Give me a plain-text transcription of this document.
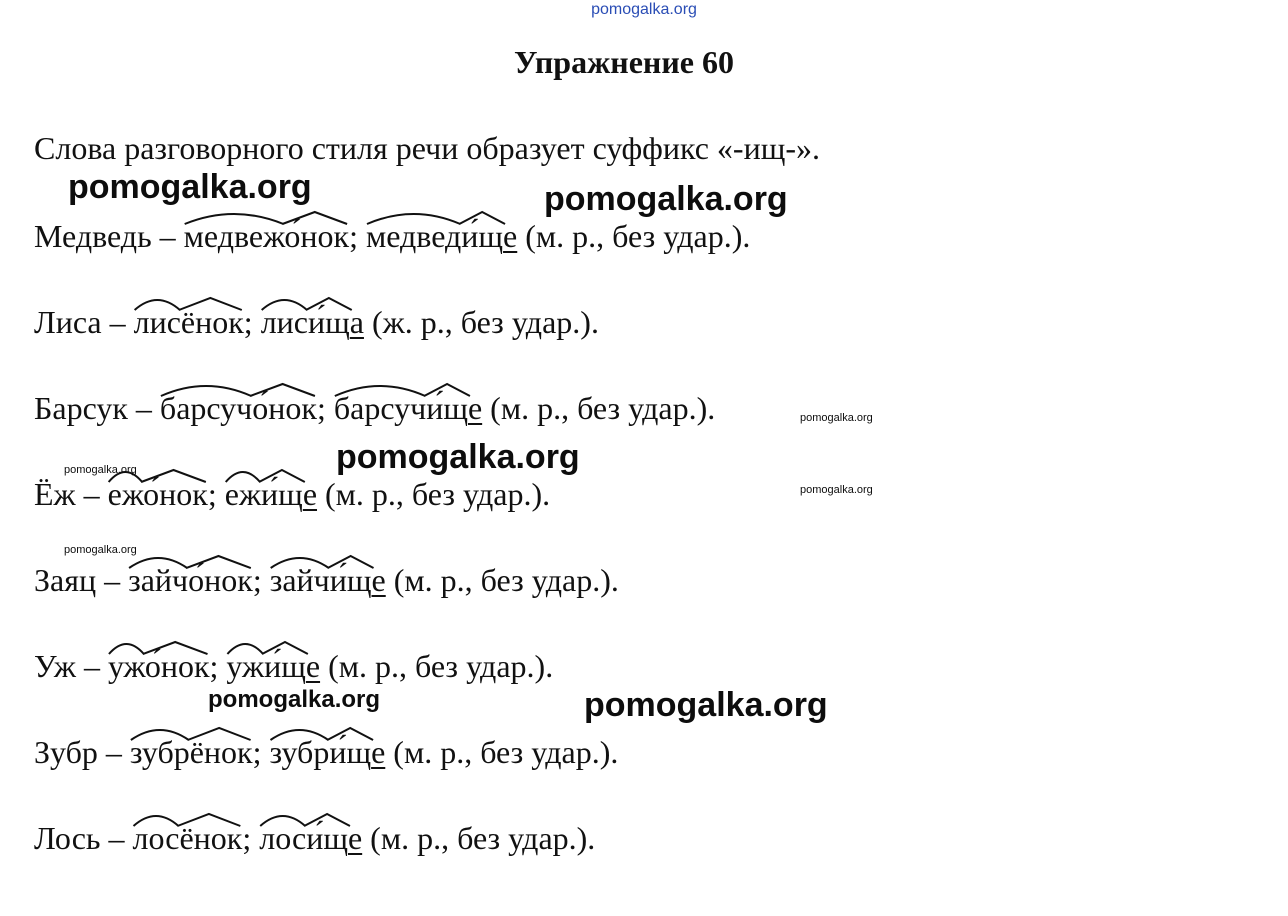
pomogalka.org
Упражнение 60

Слова разговорного стиля речи образует суффикс «-ищ-».

Медведь – медвежо́нок; медведи́ще (м. р., без удар.).

Лиса – лисёнок; лиси́ща (ж. р., без удар.).

Барсук – барсучо́нок; барсучи́ще (м. р., без удар.).

Ёж – ежо́нок; ежи́ще (м. р., без удар.).

Заяц – зайчо́нок; зайчи́ще (м. р., без удар.).

Уж – ужо́нок; ужи́ще (м. р., без удар.).

Зубр – зубрёнок; зубри́ще (м. р., без удар.).

Лось – лосёнок; лоси́ще (м. р., без удар.).

pomogalka.org	pomogalka.org
pomogalka.org
pomogalka.org
pomogalka.org
pomogalka.org
pomogalka.org
pomogalka.org	pomogalka.org
